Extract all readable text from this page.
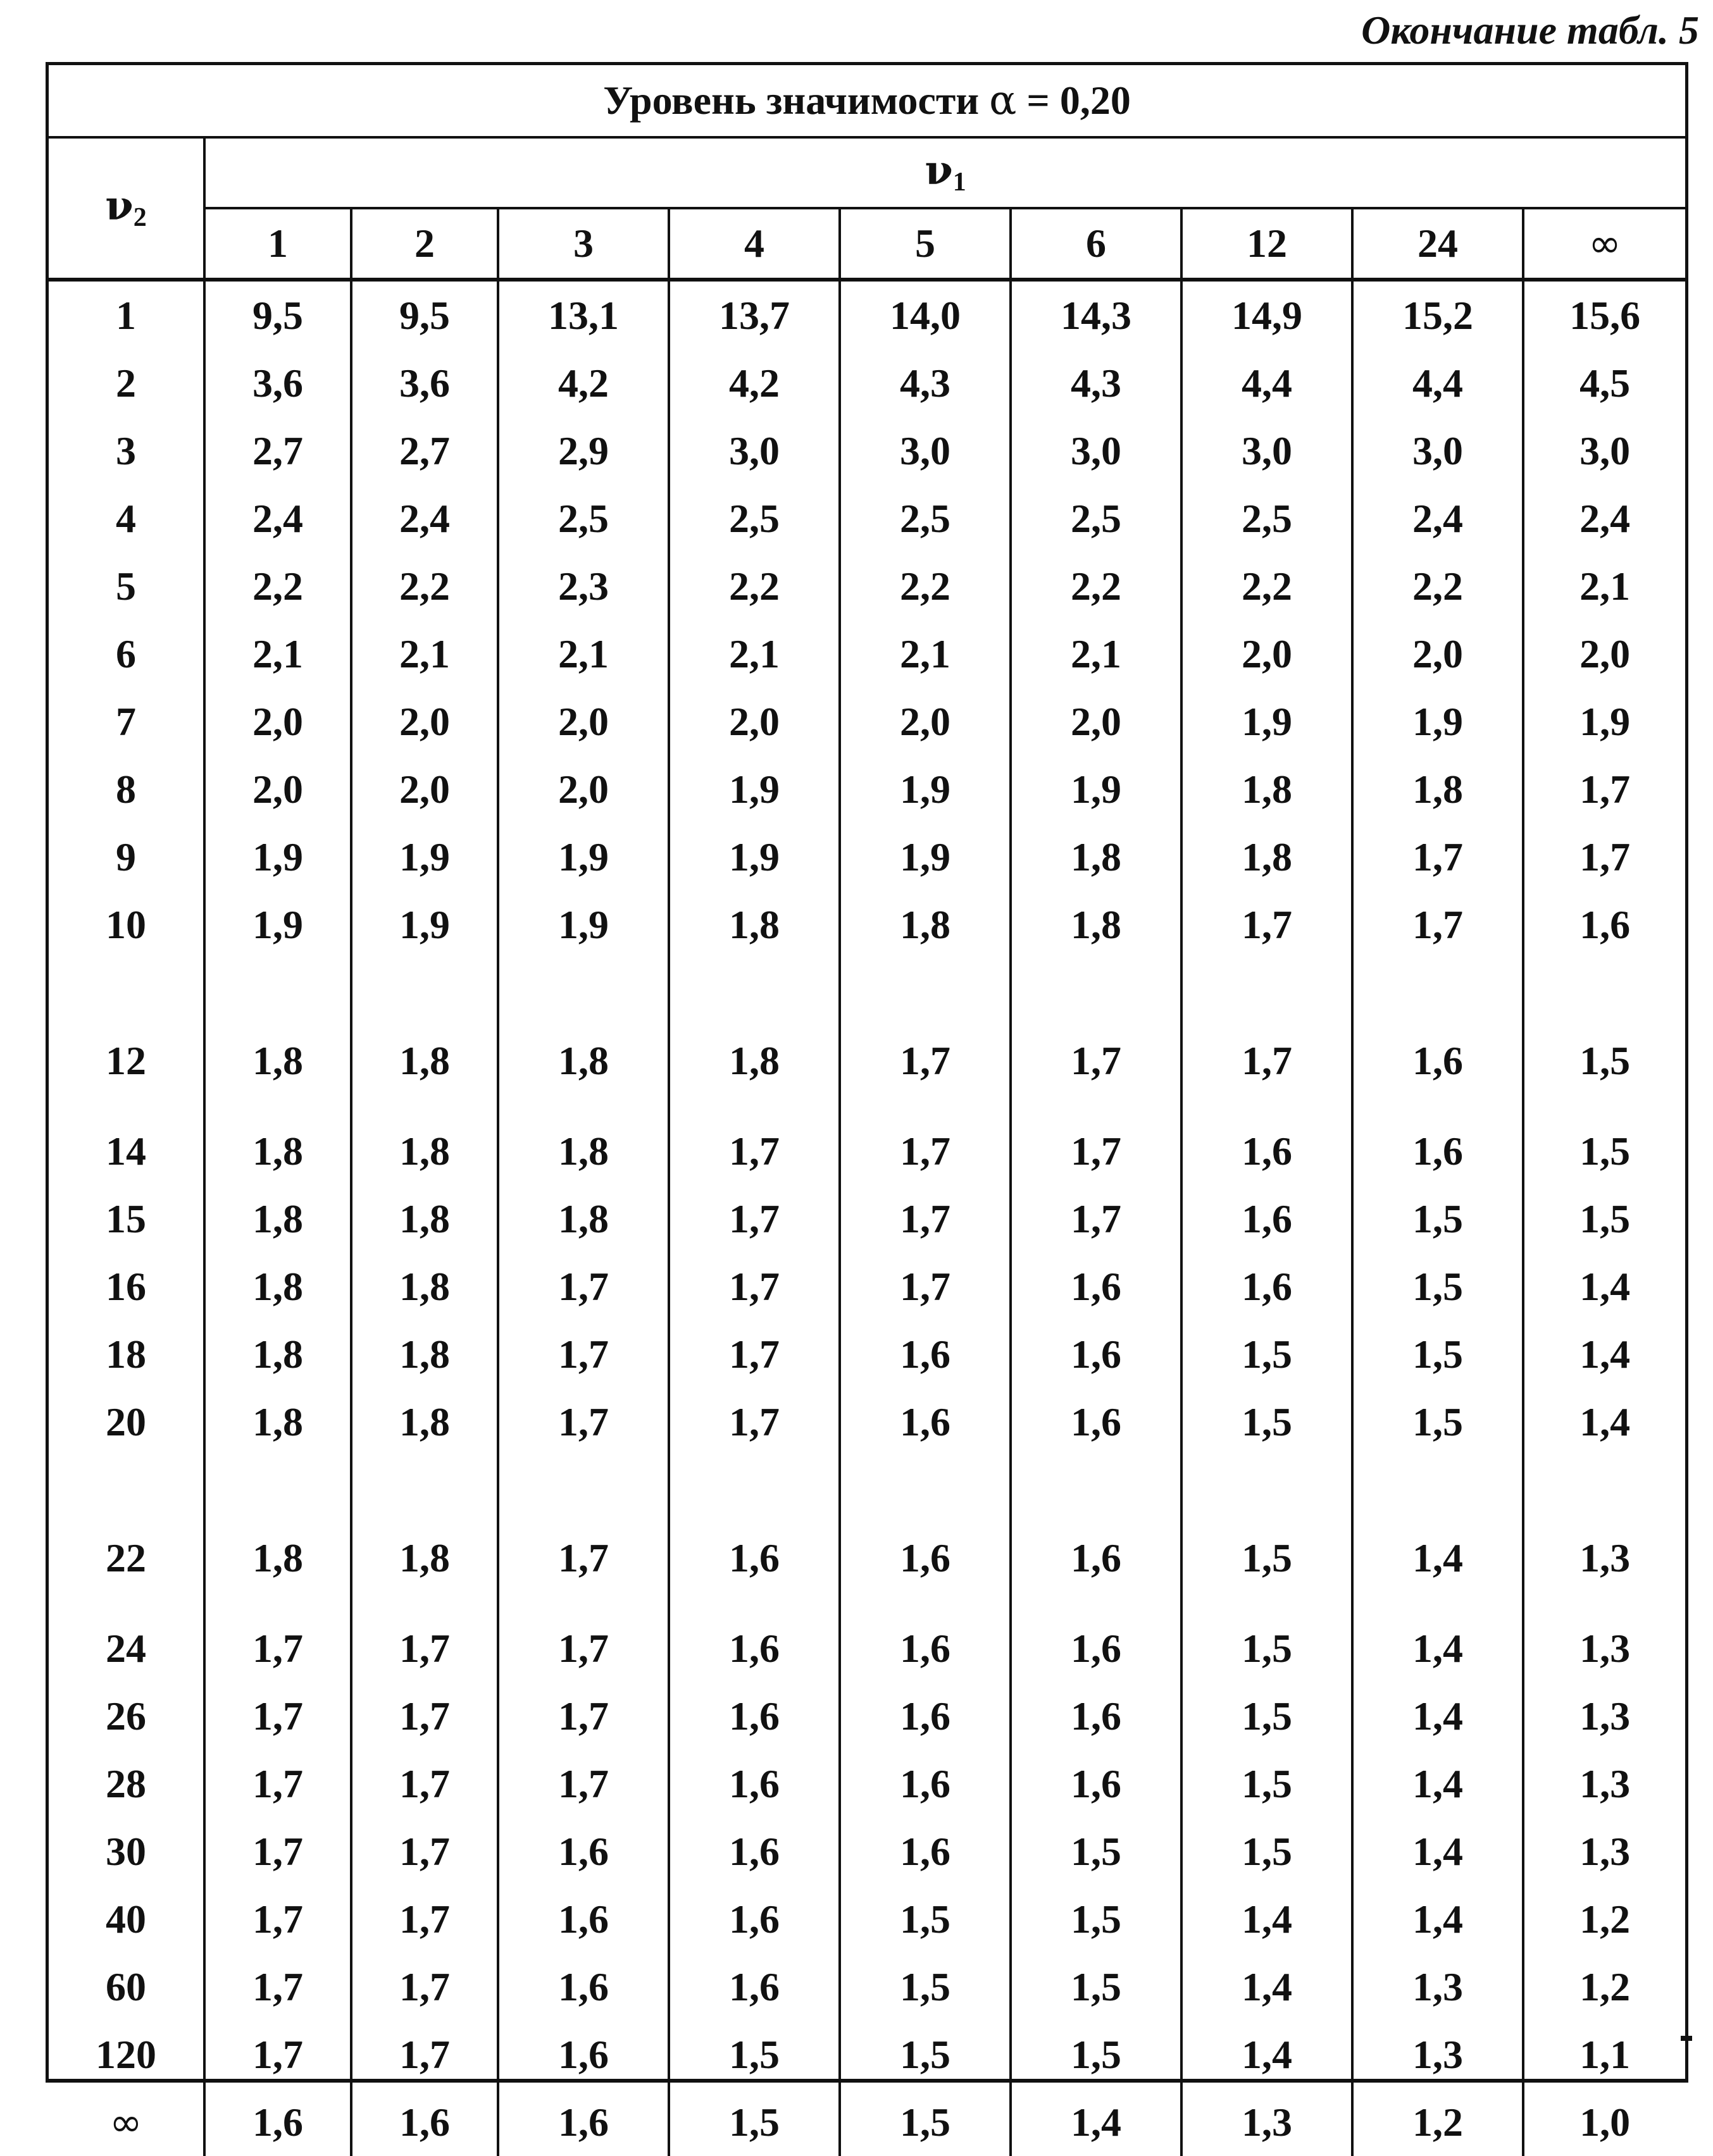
Окончание табл. 5
Уровень значимости α = 0,20									
$\nu_2$	$\nu_1$
	1	2	3	4	5	6	12	24	∞
1	9,5	9,5	13,1	13,7	14,0	14,3	14,9	15,2	15,6
2	3,6	3,6	4,2	4,2	4,3	4,3	4,4	4,4	4,5
3	2,7	2,7	2,9	3,0	3,0	3,0	3,0	3,0	3,0
4	2,4	2,4	2,5	2,5	2,5	2,5	2,5	2,4	2,4
5	2,2	2,2	2,3	2,2	2,2	2,2	2,2	2,2	2,1
6	2,1	2,1	2,1	2,1	2,1	2,1	2,0	2,0	2,0
7	2,0	2,0	2,0	2,0	2,0	2,0	1,9	1,9	1,9
8	2,0	2,0	2,0	1,9	1,9	1,9	1,8	1,8	1,7
9	1,9	1,9	1,9	1,9	1,9	1,8	1,8	1,7	1,7
10	1,9	1,9	1,9	1,8	1,8	1,8	1,7	1,7	1,6
12	1,8	1,8	1,8	1,8	1,7	1,7	1,7	1,6	1,5
14	1,8	1,8	1,8	1,7	1,7	1,7	1,6	1,6	1,5
15	1,8	1,8	1,8	1,7	1,7	1,7	1,6	1,5	1,5
16	1,8	1,8	1,7	1,7	1,7	1,6	1,6	1,5	1,4
18	1,8	1,8	1,7	1,7	1,6	1,6	1,5	1,5	1,4
20	1,8	1,8	1,7	1,7	1,6	1,6	1,5	1,5	1,4
22	1,8	1,8	1,7	1,6	1,6	1,6	1,5	1,4	1,3
24	1,7	1,7	1,7	1,6	1,6	1,6	1,5	1,4	1,3
26	1,7	1,7	1,7	1,6	1,6	1,6	1,5	1,4	1,3
28	1,7	1,7	1,7	1,6	1,6	1,6	1,5	1,4	1,3
30	1,7	1,7	1,6	1,6	1,6	1,5	1,5	1,4	1,3
40	1,7	1,7	1,6	1,6	1,5	1,5	1,4	1,4	1,2
60	1,7	1,7	1,6	1,6	1,5	1,5	1,4	1,3	1,2
120	1,7	1,7	1,6	1,5	1,5	1,5	1,4	1,3	1,1
∞	1,6	1,6	1,6	1,5	1,5	1,4	1,3	1,2	1,0
